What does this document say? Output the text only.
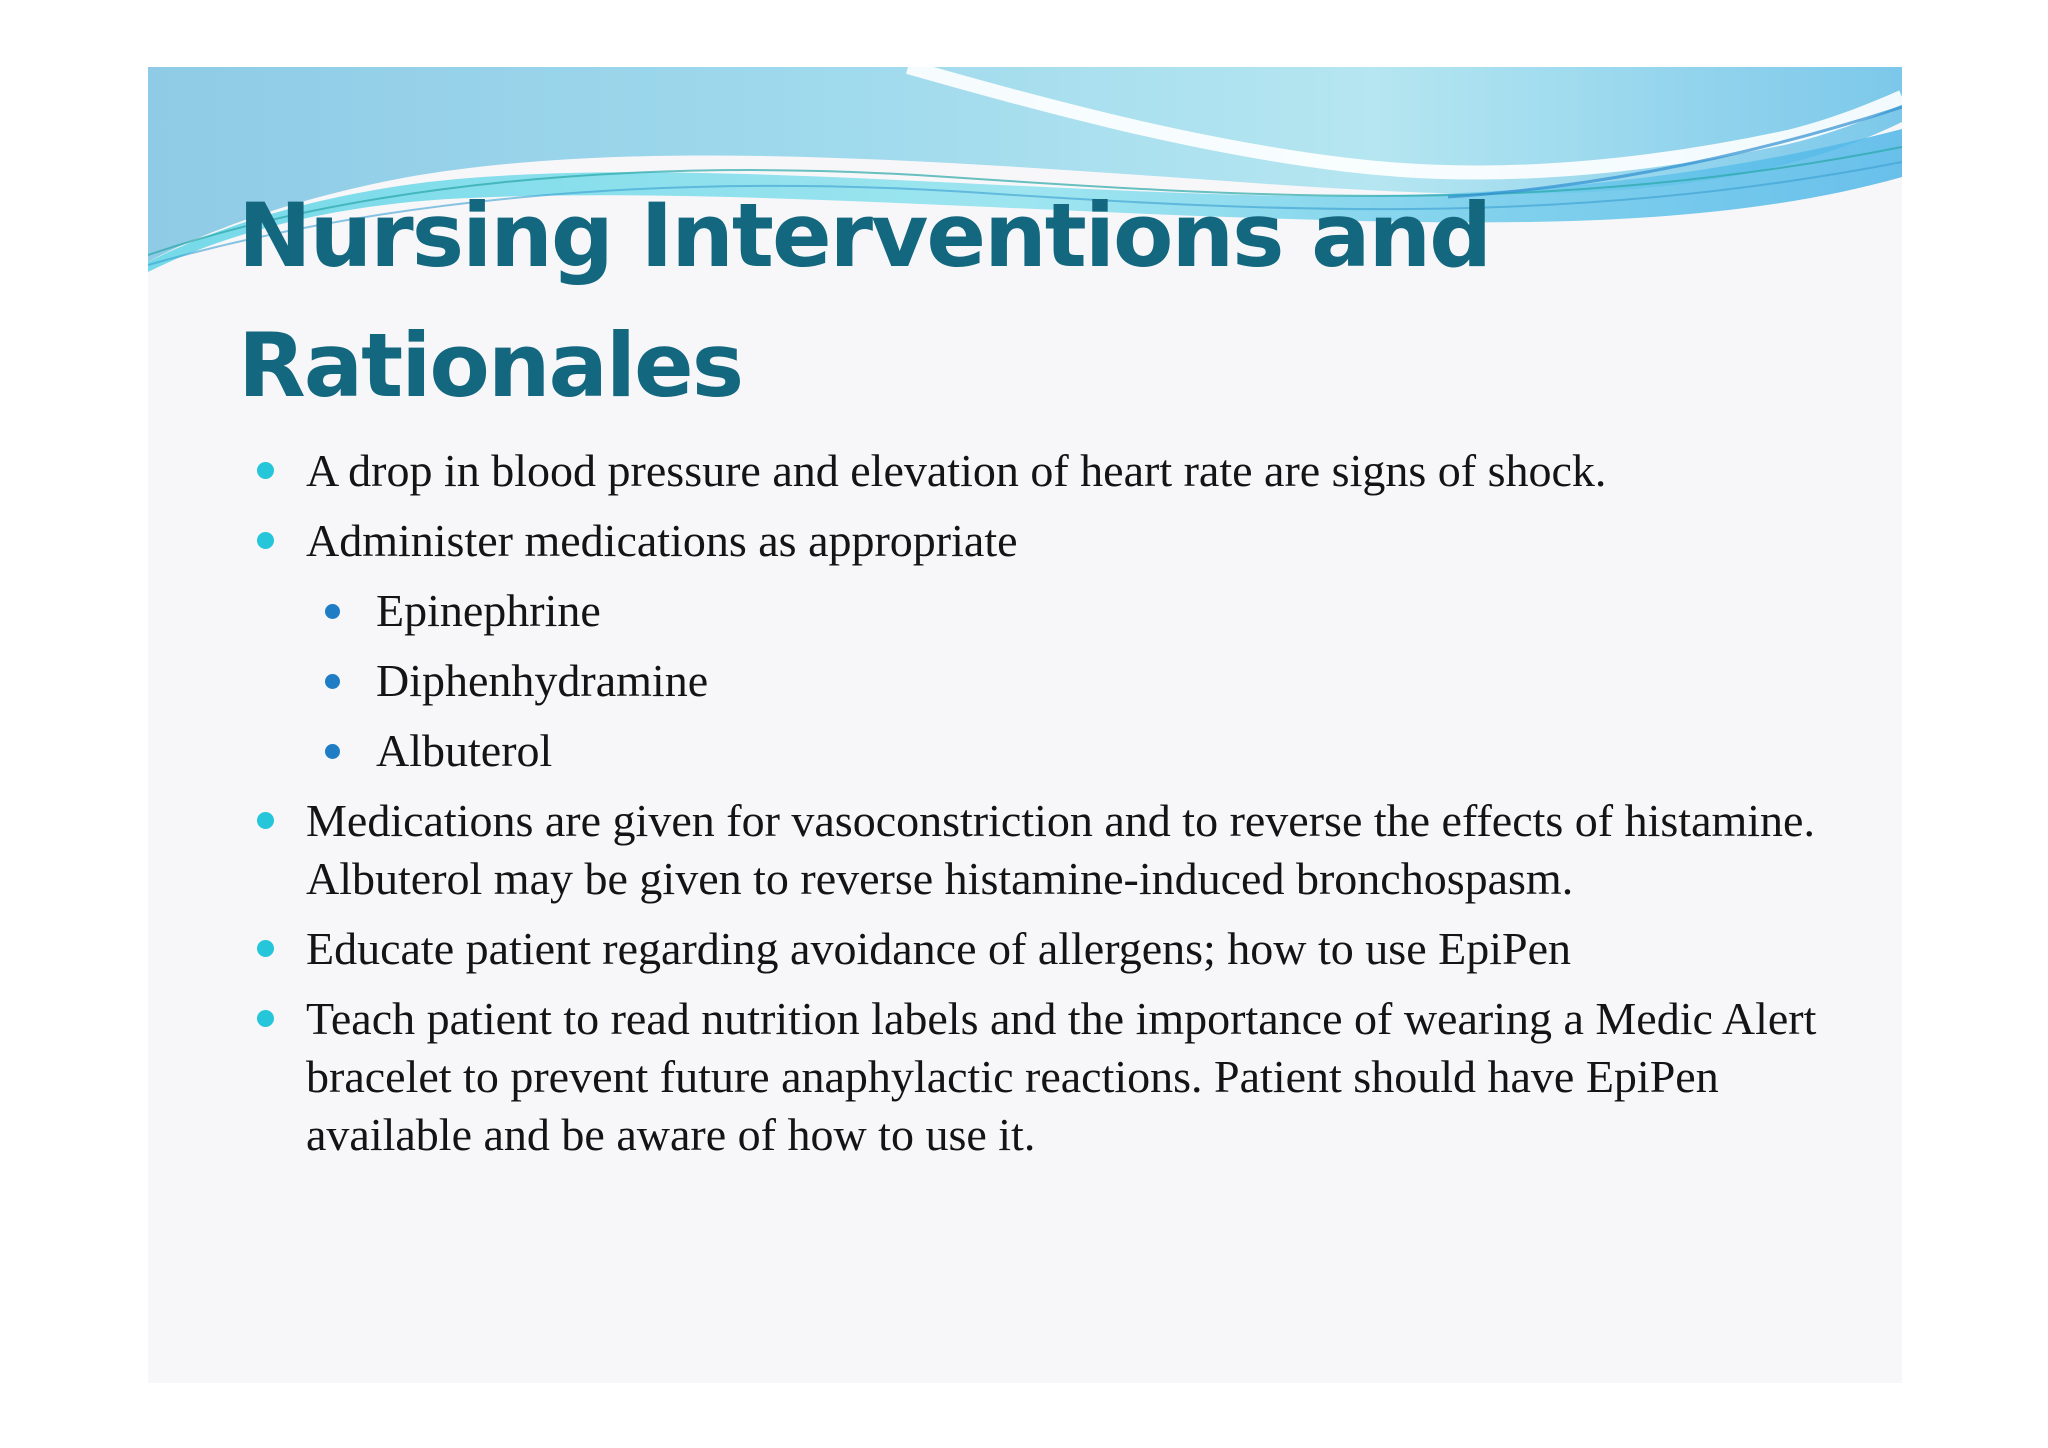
Nursing Interventions and Rationales
A drop in blood pressure and elevation of heart rate are signs of shock.
Administer medications as appropriate
Epinephrine
Diphenhydramine
Albuterol
Medications are given for vasoconstriction and to reverse the effects of histamine. Albuterol may be given to reverse histamine-induced bronchospasm.
Educate patient regarding avoidance of allergens; how to use EpiPen
Teach patient to read nutrition labels and the importance of wearing a Medic Alert bracelet to prevent future anaphylactic reactions. Patient should have EpiPen available and be aware of how to use it.
